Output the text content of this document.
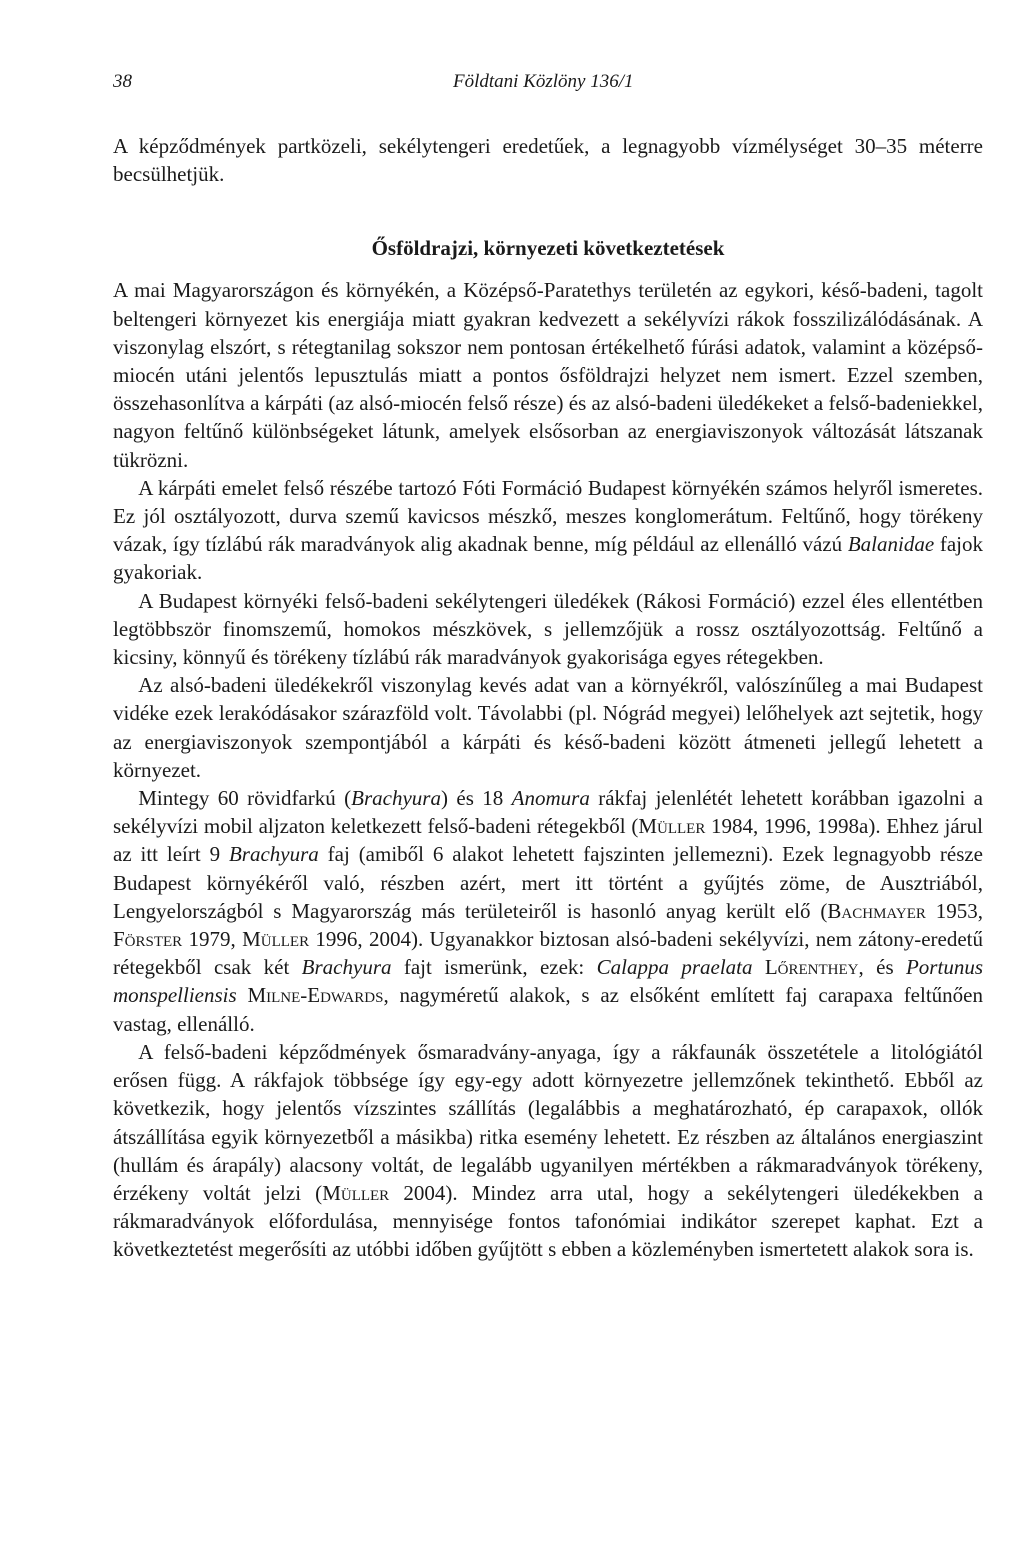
38	Földtani Közlöny 136/1

A képződmények partközeli, sekélytengeri eredetűek, a legnagyobb vízmélységet 30–35 méterre becsülhetjük.

Ősföldrajzi, környezeti következtetések

A mai Magyarországon és környékén, a Középső-Paratethys területén az egykori, késő-badeni, tagolt beltengeri környezet kis energiája miatt gyakran kedvezett a sekélyvízi rákok fosszilizálódásának. A viszonylag elszórt, s rétegtanilag sokszor nem pontosan értékelhető fúrási adatok, valamint a középső-miocén utáni jelentős lepusztulás miatt a pontos ősföldrajzi helyzet nem ismert. Ezzel szemben, összehasonlítva a kárpáti (az alsó-miocén felső része) és az alsó-badeni üledékeket a felső-badeniekkel, nagyon feltűnő különbségeket látunk, amelyek elsősorban az energiaviszonyok változását látszanak tükrözni.

A kárpáti emelet felső részébe tartozó Fóti Formáció Budapest környékén számos helyről ismeretes. Ez jól osztályozott, durva szemű kavicsos mészkő, meszes konglomerátum. Feltűnő, hogy törékeny vázak, így tízlábú rák maradványok alig akadnak benne, míg például az ellenálló vázú Balanidae fajok gyakoriak.

A Budapest környéki felső-badeni sekélytengeri üledékek (Rákosi Formáció) ezzel éles ellentétben legtöbbször finomszemű, homokos mészkövek, s jellemzőjük a rossz osztályozottság. Feltűnő a kicsiny, könnyű és törékeny tízlábú rák maradványok gyakorisága egyes rétegekben.

Az alsó-badeni üledékekről viszonylag kevés adat van a környékről, valószínűleg a mai Budapest vidéke ezek lerakódásakor szárazföld volt. Távolabbi (pl. Nógrád megyei) lelőhelyek azt sejtetik, hogy az energiaviszonyok szempontjából a kárpáti és késő-badeni között átmeneti jellegű lehetett a környezet.

Mintegy 60 rövidfarkú (Brachyura) és 18 Anomura rákfaj jelenlétét lehetett korábban igazolni a sekélyvízi mobil aljzaton keletkezett felső-badeni rétegekből (Müller 1984, 1996, 1998a). Ehhez járul az itt leírt 9 Brachyura faj (amiből 6 alakot lehetett fajszinten jellemezni). Ezek legnagyobb része Budapest környékéről való, részben azért, mert itt történt a gyűjtés zöme, de Ausztriából, Lengyelországból s Magyarország más területeiről is hasonló anyag került elő (Bachmayer 1953, Förster 1979, Müller 1996, 2004). Ugyanakkor biztosan alsó-badeni sekélyvízi, nem zátony-eredetű rétegekből csak két Brachyura fajt ismerünk, ezek: Calappa praelata Lőrenthey, és Portunus monspelliensis Milne-Edwards, nagyméretű alakok, s az elsőként említett faj carapaxa feltűnően vastag, ellenálló.

A felső-badeni képződmények ősmaradvány-anyaga, így a rákfaunák összetétele a litológiától erősen függ. A rákfajok többsége így egy-egy adott környezetre jellemzőnek tekinthető. Ebből az következik, hogy jelentős vízszintes szállítás (legalábbis a meghatározható, ép carapaxok, ollók átszállítása egyik környezetből a másikba) ritka esemény lehetett. Ez részben az általános energiaszint (hullám és árapály) alacsony voltát, de legalább ugyanilyen mértékben a rákmaradványok törékeny, érzékeny voltát jelzi (Müller 2004). Mindez arra utal, hogy a sekélytengeri üledékekben a rákmaradványok előfordulása, mennyisége fontos tafonómiai indikátor szerepet kaphat. Ezt a következtetést megerősíti az utóbbi időben gyűjtött s ebben a közleményben ismertetett alakok sora is.
